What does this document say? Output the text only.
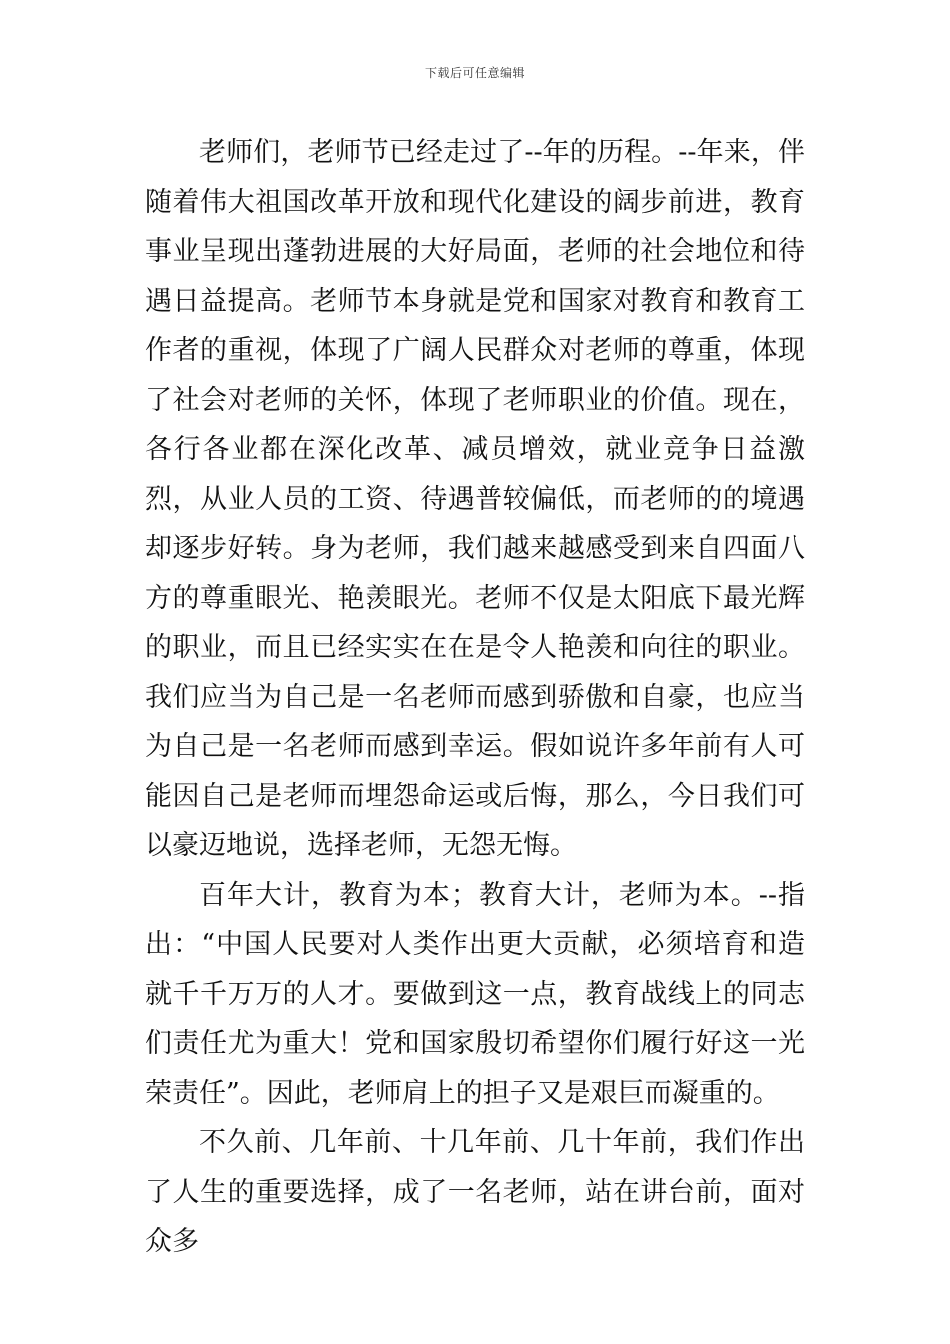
下载后可任意编辑

老师们，老师节已经走过了--年的历程。--年来，伴随着伟大祖国改革开放和现代化建设的阔步前进，教育事业呈现出蓬勃进展的大好局面，老师的社会地位和待遇日益提高。老师节本身就是党和国家对教育和教育工作者的重视，体现了广阔人民群众对老师的尊重，体现了社会对老师的关怀，体现了老师职业的价值。现在，各行各业都在深化改革、减员增效，就业竞争日益激烈，从业人员的工资、待遇普较偏低，而老师的的境遇却逐步好转。身为老师，我们越来越感受到来自四面八方的尊重眼光、艳羡眼光。老师不仅是太阳底下最光辉的职业，而且已经实实在在是令人艳羡和向往的职业。我们应当为自己是一名老师而感到骄傲和自豪，也应当为自己是一名老师而感到幸运。假如说许多年前有人可能因自己是老师而埋怨命运或后悔，那么，今日我们可以豪迈地说，选择老师，无怨无悔。

百年大计，教育为本；教育大计，老师为本。--指出：“中国人民要对人类作出更大贡献，必须培育和造就千千万万的人才。要做到这一点，教育战线上的同志们责任尤为重大！党和国家殷切希望你们履行好这一光荣责任”。因此，老师肩上的担子又是艰巨而凝重的。

不久前、几年前、十几年前、几十年前，我们作出了人生的重要选择，成了一名老师，站在讲台前，面对众多
